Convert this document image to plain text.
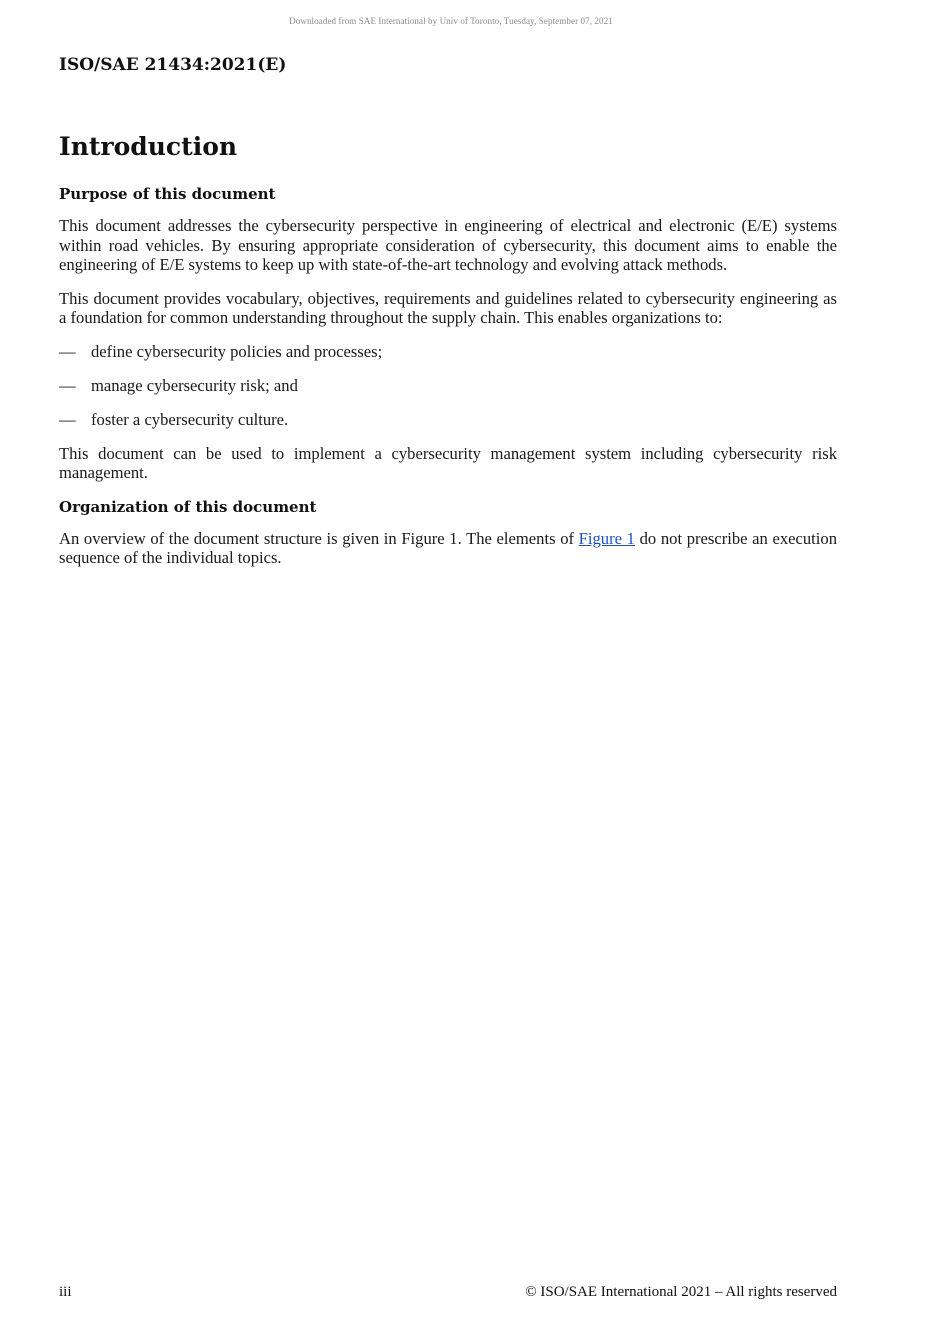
Downloaded from SAE International by Univ of Toronto, Tuesday, September 07, 2021
ISO/SAE 21434:2021(E)
Introduction
Purpose of this document

This document addresses the cybersecurity perspective in engineering of electrical and electronic (E/E) systems within road vehicles. By ensuring appropriate consideration of cybersecurity, this document aims to enable the engineering of E/E systems to keep up with state-of-the-art technology and evolving attack methods.

This document provides vocabulary, objectives, requirements and guidelines related to cybersecurity engineering as a foundation for common understanding throughout the supply chain. This enables organizations to:

— define cybersecurity policies and processes;
— manage cybersecurity risk; and
— foster a cybersecurity culture.

This document can be used to implement a cybersecurity management system including cybersecurity risk management.

Organization of this document

An overview of the document structure is given in Figure 1. The elements of Figure 1 do not prescribe an execution sequence of the individual topics.

iii	© ISO/SAE International 2021 – All rights reserved
